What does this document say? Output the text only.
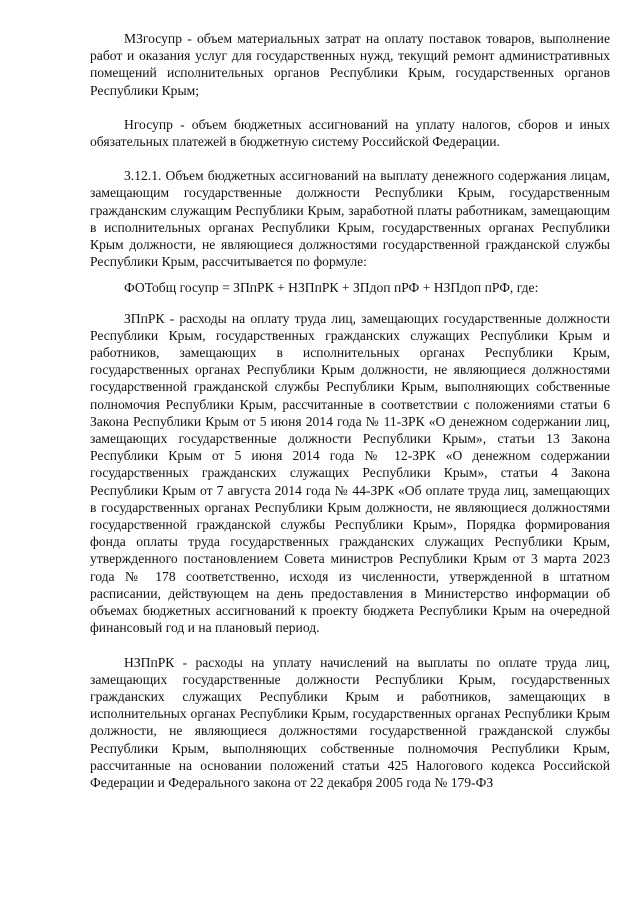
МЗгосупр - объем материальных затрат на оплату поставок товаров, выполнение работ и оказания услуг для государственных нужд, текущий ремонт административных помещений исполнительных органов Республики Крым, государственных органов Республики Крым;

Нгосупр - объем бюджетных ассигнований на уплату налогов, сборов и иных обязательных платежей в бюджетную систему Российской Федерации.

3.12.1. Объем бюджетных ассигнований на выплату денежного содержания лицам, замещающим государственные должности Республики Крым, государственным гражданским служащим Республики Крым, заработной платы работникам, замещающим в исполнительных органах Республики Крым, государственных органах Республики Крым должности, не являющиеся должностями государственной гражданской службы Республики Крым, рассчитывается по формуле:

ФОТобщ госупр = ЗПпРК + НЗПпРК + ЗПдоп пРФ + НЗПдоп пРФ, где:

ЗПпРК - расходы на оплату труда лиц, замещающих государственные должности Республики Крым, государственных гражданских служащих Республики Крым и работников, замещающих в исполнительных органах Республики Крым, государственных органах Республики Крым должности, не являющиеся должностями государственной гражданской службы Республики Крым, выполняющих собственные полномочия Республики Крым, рассчитанные в соответствии с положениями статьи 6 Закона Республики Крым от 5 июня 2014 года № 11-ЗРК «О денежном содержании лиц, замещающих государственные должности Республики Крым», статьи 13 Закона Республики Крым от 5 июня 2014 года № 12-ЗРК «О денежном содержании государственных гражданских служащих Республики Крым», статьи 4 Закона Республики Крым от 7 августа 2014 года № 44-ЗРК «Об оплате труда лиц, замещающих в государственных органах Республики Крым должности, не являющиеся должностями государственной гражданской службы Республики Крым», Порядка формирования фонда оплаты труда государственных гражданских служащих Республики Крым, утвержденного постановлением Совета министров Республики Крым от 3 марта 2023 года № 178 соответственно, исходя из численности, утвержденной в штатном расписании, действующем на день предоставления в Министерство информации об объемах бюджетных ассигнований к проекту бюджета Республики Крым на очередной финансовый год и на плановый период.

НЗПпРК - расходы на уплату начислений на выплаты по оплате труда лиц, замещающих государственные должности Республики Крым, государственных гражданских служащих Республики Крым и работников, замещающих в исполнительных органах Республики Крым, государственных органах Республики Крым должности, не являющиеся должностями государственной гражданской службы Республики Крым, выполняющих собственные полномочия Республики Крым, рассчитанные на основании положений статьи 425 Налогового кодекса Российской Федерации и Федерального закона от 22 декабря 2005 года № 179-ФЗ
